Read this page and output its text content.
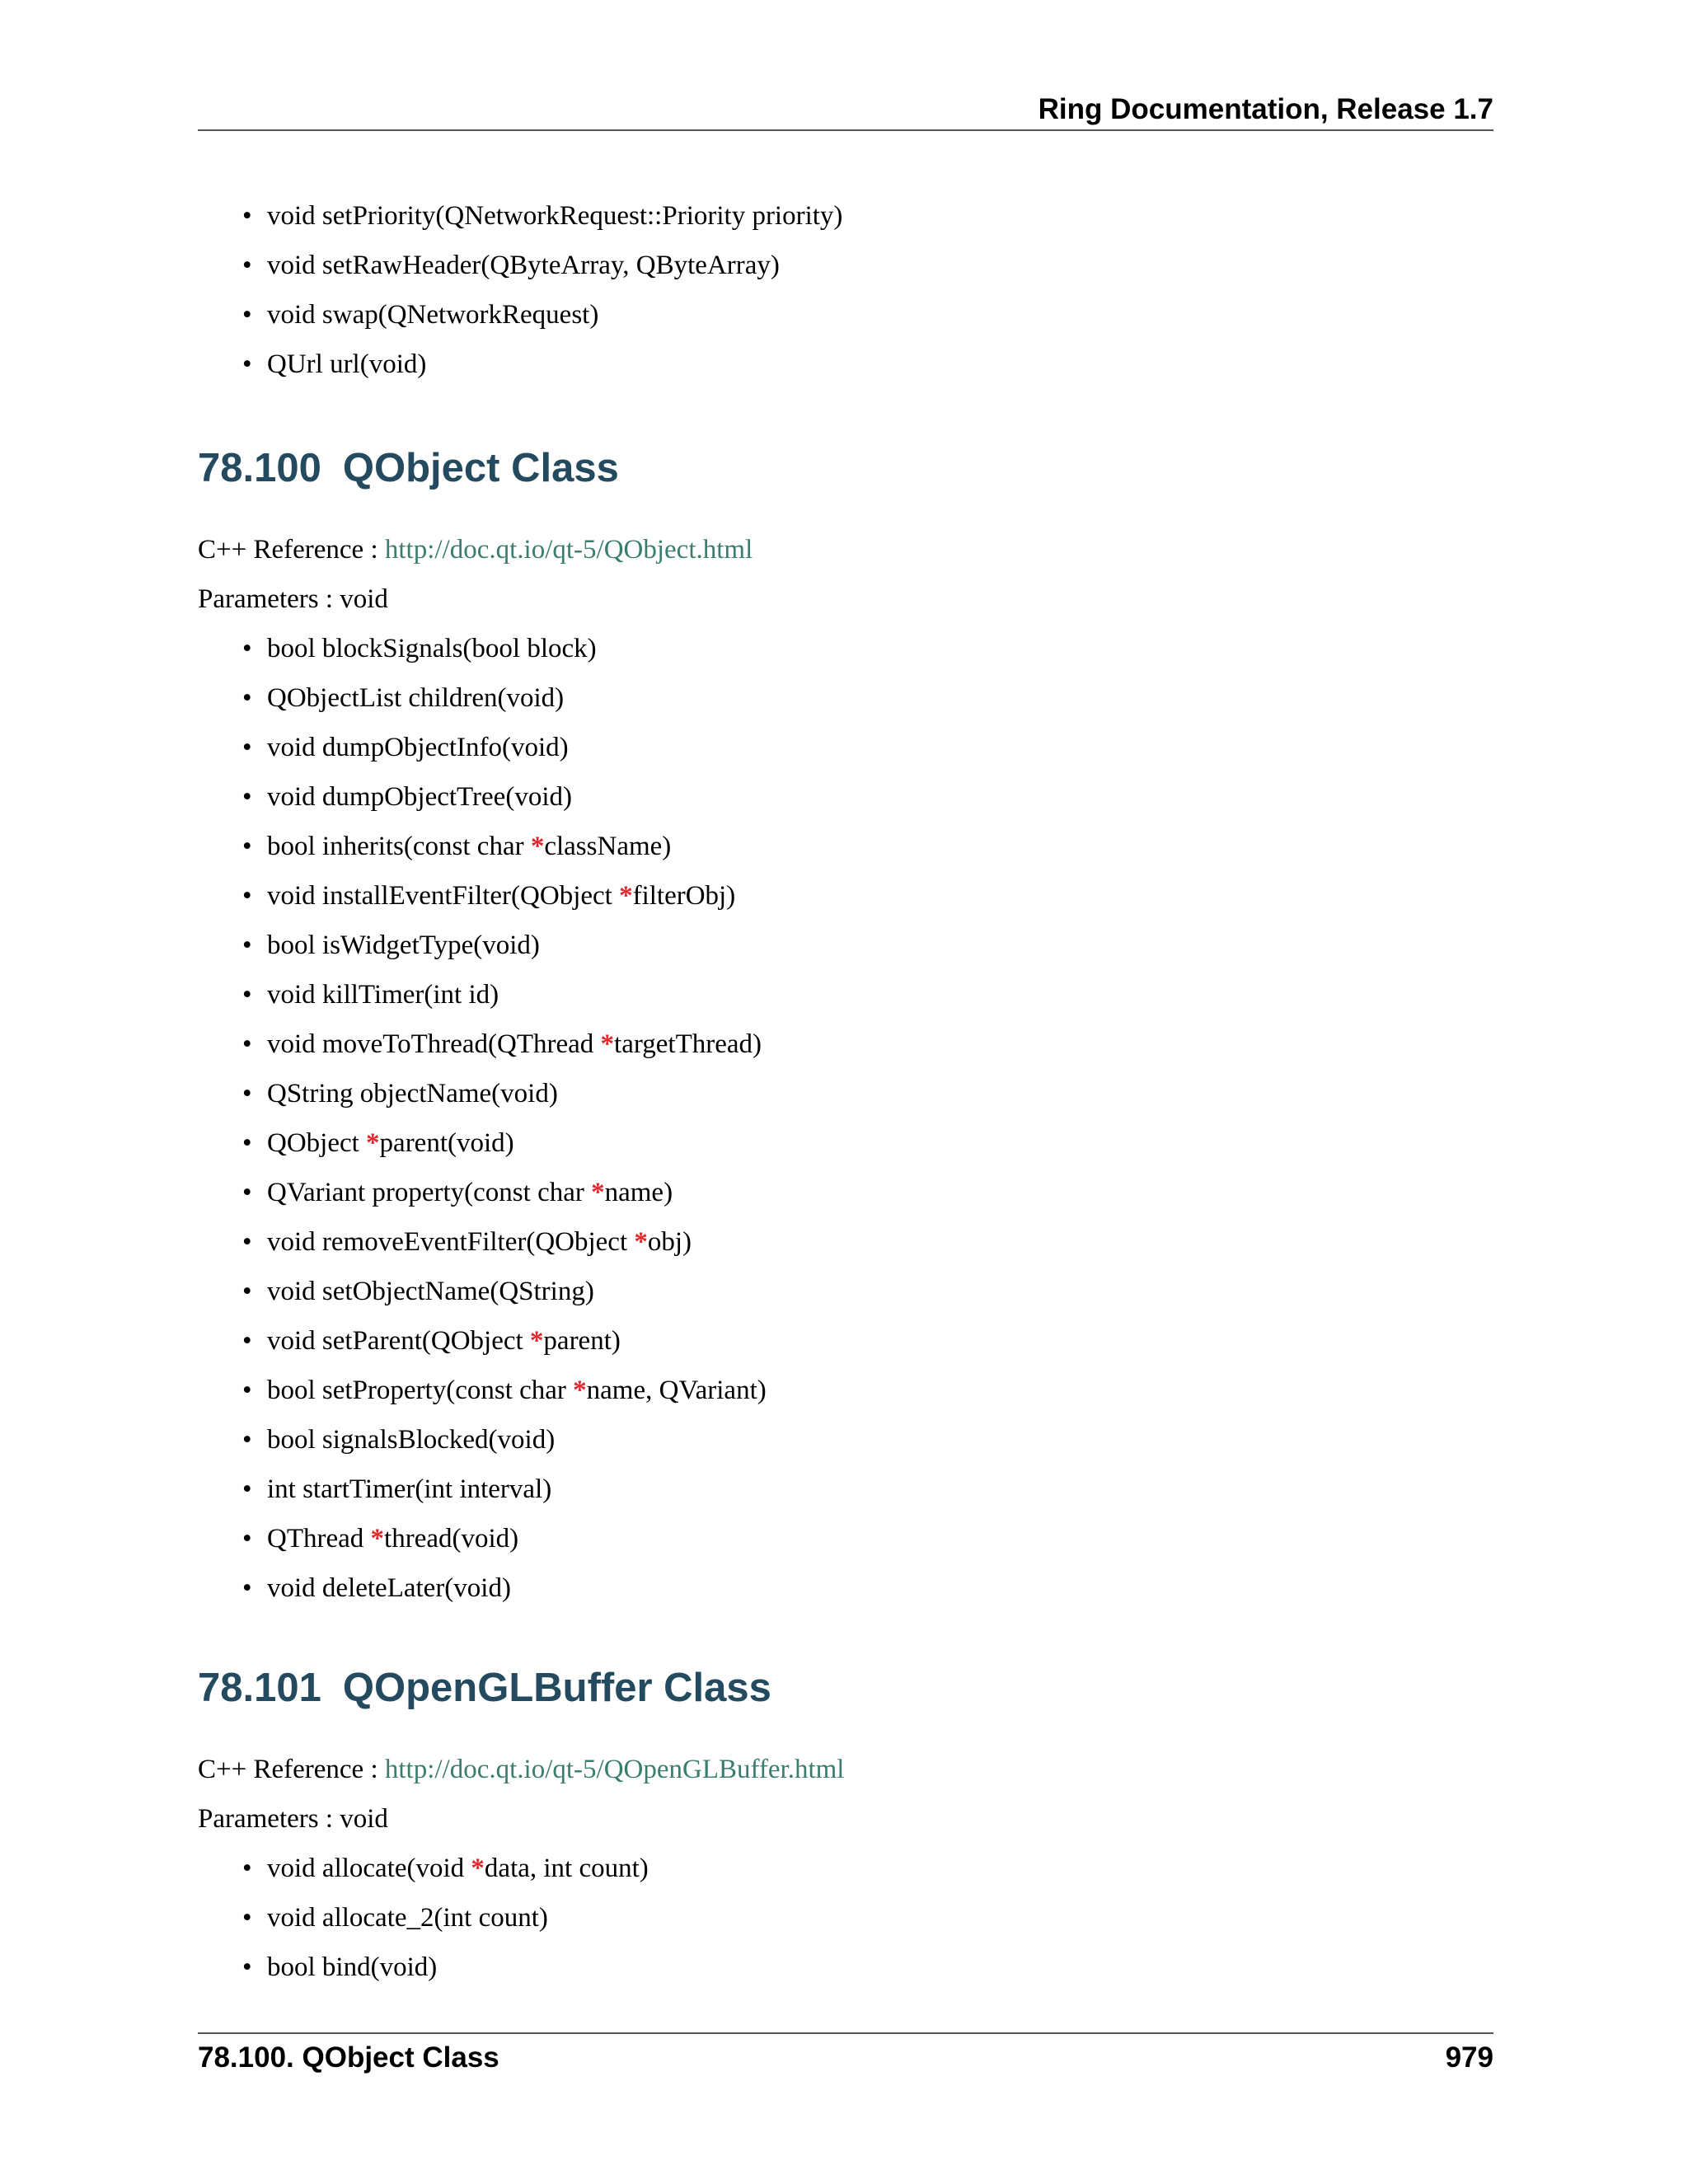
Ring Documentation, Release 1.7
• void setPriority(QNetworkRequest::Priority priority)
• void setRawHeader(QByteArray, QByteArray)
• void swap(QNetworkRequest)
• QUrl url(void)
78.100 QObject Class
C++ Reference : http://doc.qt.io/qt-5/QObject.html
Parameters : void
• bool blockSignals(bool block)
• QObjectList children(void)
• void dumpObjectInfo(void)
• void dumpObjectTree(void)
• bool inherits(const char *className)
• void installEventFilter(QObject *filterObj)
• bool isWidgetType(void)
• void killTimer(int id)
• void moveToThread(QThread *targetThread)
• QString objectName(void)
• QObject *parent(void)
• QVariant property(const char *name)
• void removeEventFilter(QObject *obj)
• void setObjectName(QString)
• void setParent(QObject *parent)
• bool setProperty(const char *name, QVariant)
• bool signalsBlocked(void)
• int startTimer(int interval)
• QThread *thread(void)
• void deleteLater(void)
78.101 QOpenGLBuffer Class
C++ Reference : http://doc.qt.io/qt-5/QOpenGLBuffer.html
Parameters : void
• void allocate(void *data, int count)
• void allocate_2(int count)
• bool bind(void)
78.100. QObject Class	979
